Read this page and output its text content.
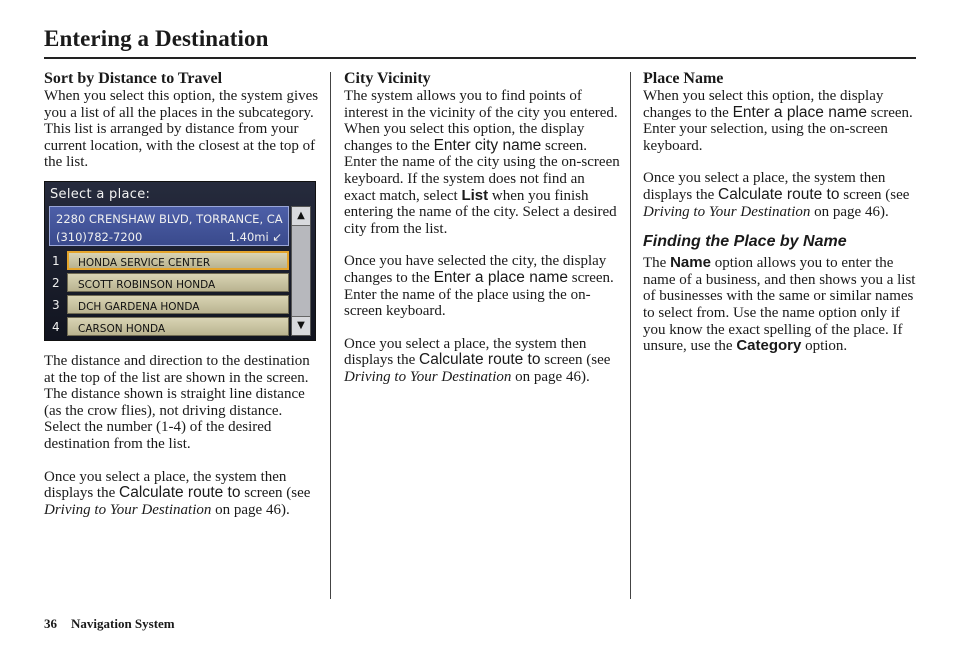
Entering a Destination
Sort by Distance to Travel

When you select this option, the system gives you a list of all the places in the subcategory. This list is arranged by distance from your current location, with the closest at the top of the list.

Select a place:
2280 CRENSHAW BLVD, TORRANCE, CA
(310)782-7200	1.40mi ↙
1	HONDA SERVICE CENTER
2	SCOTT ROBINSON HONDA
3	DCH GARDENA HONDA
4	CARSON HONDA
▲
▼

The distance and direction to the destination at the top of the list are shown in the screen. The distance shown is straight line distance (as the crow flies), not driving distance. Select the number (1-4) of the desired destination from the list.

Once you select a place, the system then displays the Calculate route to screen (see Driving to Your Destination on page 46).

City Vicinity

The system allows you to find points of interest in the vicinity of the city you entered. When you select this option, the display changes to the Enter city name screen. Enter the name of the city using the on-screen keyboard. If the system does not find an exact match, select List when you finish entering the name of the city. Select a desired city from the list.

Once you have selected the city, the display changes to the Enter a place name screen. Enter the name of the place using the on-screen keyboard.

Once you select a place, the system then displays the Calculate route to screen (see Driving to Your Destination on page 46).

Place Name

When you select this option, the display changes to the Enter a place name screen. Enter your selection, using the on-screen keyboard.

Once you select a place, the system then displays the Calculate route to screen (see Driving to Your Destination on page 46).

Finding the Place by Name

The Name option allows you to enter the name of a business, and then shows you a list of businesses with the same or similar names to select from. Use the name option only if you know the exact spelling of the place. If unsure, use the Category option.

36 Navigation System
